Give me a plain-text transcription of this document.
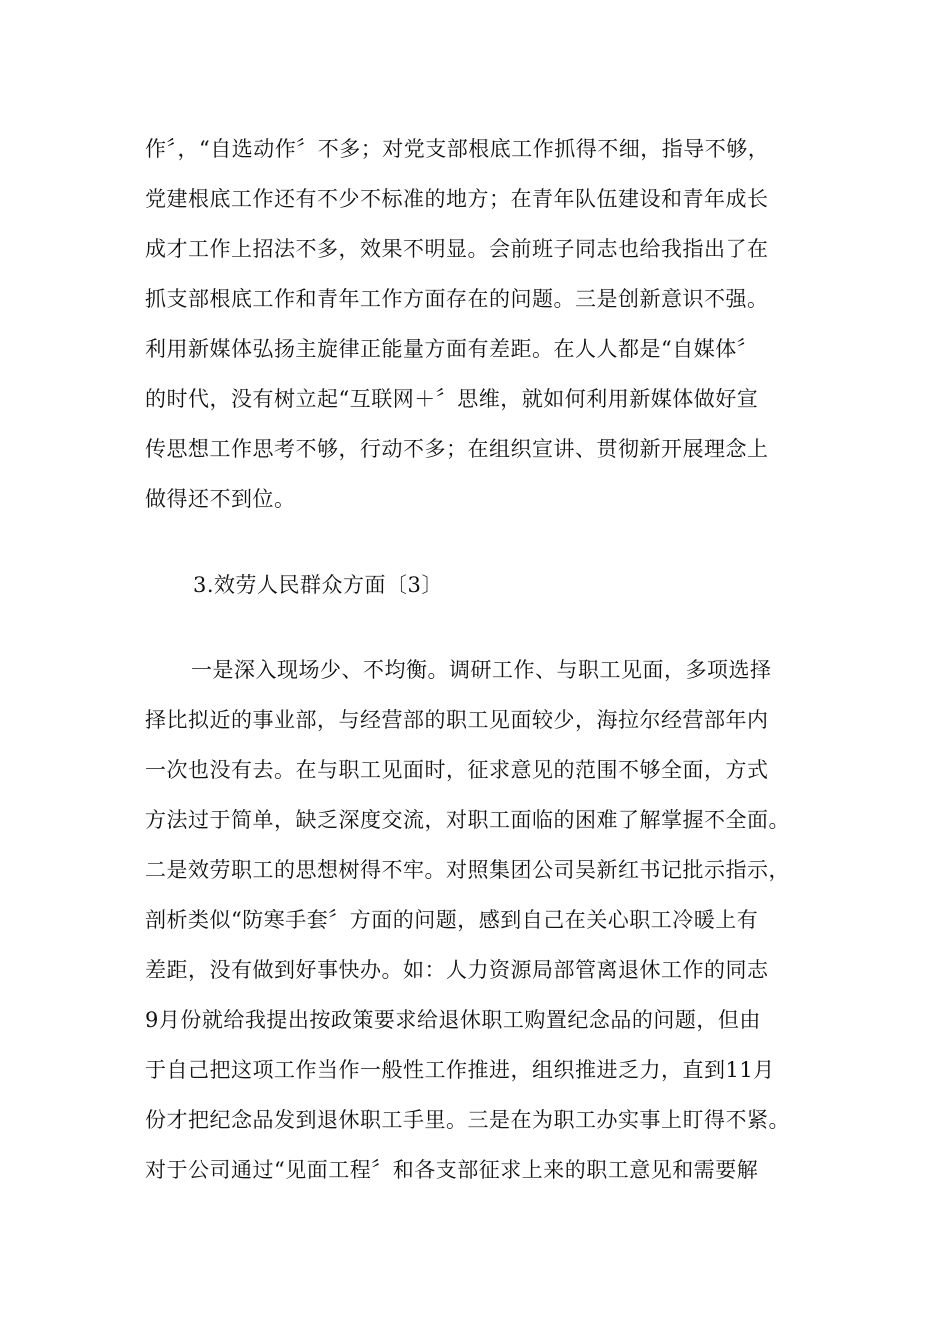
作〞，“自选动作〞不多；对党支部根底工作抓得不细，指导不够，
党建根底工作还有不少不标准的地方；在青年队伍建设和青年成长
成才工作上招法不多，效果不明显。会前班子同志也给我指出了在
抓支部根底工作和青年工作方面存在的问题。三是创新意识不强。
利用新媒体弘扬主旋律正能量方面有差距。在人人都是“自媒体〞
的时代，没有树立起“互联网＋〞思维，就如何利用新媒体做好宣
传思想工作思考不够，行动不多；在组织宣讲、贯彻新开展理念上
做得还不到位。
3.效劳人民群众方面〔3〕
一是深入现场少、不均衡。调研工作、与职工见面，多项选择
择比拟近的事业部，与经营部的职工见面较少，海拉尔经营部年内
一次也没有去。在与职工见面时，征求意见的范围不够全面，方式
方法过于简单，缺乏深度交流，对职工面临的困难了解掌握不全面。
二是效劳职工的思想树得不牢。对照集团公司吴新红书记批示指示，
剖析类似“防寒手套〞方面的问题，感到自己在关心职工冷暖上有
差距，没有做到好事快办。如：人力资源局部管离退休工作的同志
9月份就给我提出按政策要求给退休职工购置纪念品的问题，但由
于自己把这项工作当作一般性工作推进，组织推进乏力，直到11月
份才把纪念品发到退休职工手里。三是在为职工办实事上盯得不紧。
对于公司通过“见面工程〞和各支部征求上来的职工意见和需要解
